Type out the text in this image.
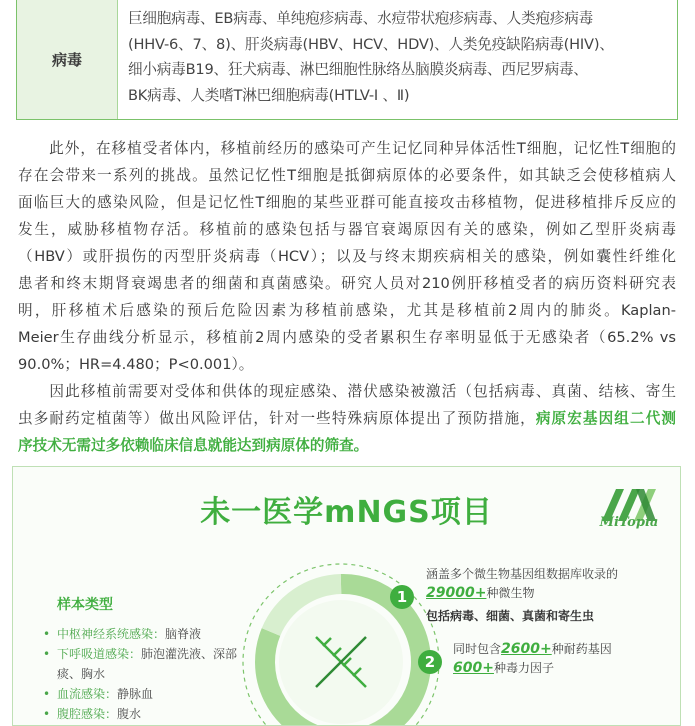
病毒
巨细胞病毒、EB病毒、单纯疱疹病毒、水痘带状疱疹病毒、人类疱疹病毒
(HHV-6、7、8)、肝炎病毒(HBV、HCV、HDV)、人类免疫缺陷病毒(HIV)、
细小病毒B19、狂犬病毒、淋巴细胞性脉络丛脑膜炎病毒、西尼罗病毒、
BK病毒、人类嗜T淋巴细胞病毒(HTLV-Ⅰ 、Ⅱ)

　　此外，在移植受者体内，移植前经历的感染可产生记忆同种异体活性T细胞，记忆性T细胞的
存在会带来一系列的挑战。虽然记忆性T细胞是抵御病原体的必要条件，如其缺乏会使移植病人
面临巨大的感染风险，但是记忆性T细胞的某些亚群可能直接攻击移植物，促进移植排斥反应的
发生，威胁移植物存活。移植前的感染包括与器官衰竭原因有关的感染，例如乙型肝炎病毒
（HBV）或肝损伤的丙型肝炎病毒（HCV）；以及与终末期疾病相关的感染，例如囊性纤维化
患者和终末期肾衰竭患者的细菌和真菌感染。研究人员对210例肝移植受者的病历资料研究表
明，肝移植术后感染的预后危险因素为移植前感染，尤其是移植前2周内的肺炎。Kaplan-
Meier生存曲线分析显示，移植前2周内感染的受者累积生存率明显低于无感染者（65.2% vs
90.0%；HR=4.480；P<0.001）。

　　因此移植前需要对受体和供体的现症感染、潜伏感染被激活（包括病毒、真菌、结核、寄生
虫多耐药定植菌等）做出风险评估，针对一些特殊病原体提出了预防措施，病原宏基因组二代测
序技术无需过多依赖临床信息就能达到病原体的筛查。

未一医学mNGS项目	MiTopia
样本类型
• 中枢神经系统感染：脑脊液
• 下呼吸道感染：肺泡灌洗液、深部痰、胸水
• 血流感染：静脉血
• 腹腔感染：腹水
1
涵盖多个微生物基因组数据库收录的
29000+种微生物
包括病毒、细菌、真菌和寄生虫
2
同时包含2600+种耐药基因
600+种毒力因子
